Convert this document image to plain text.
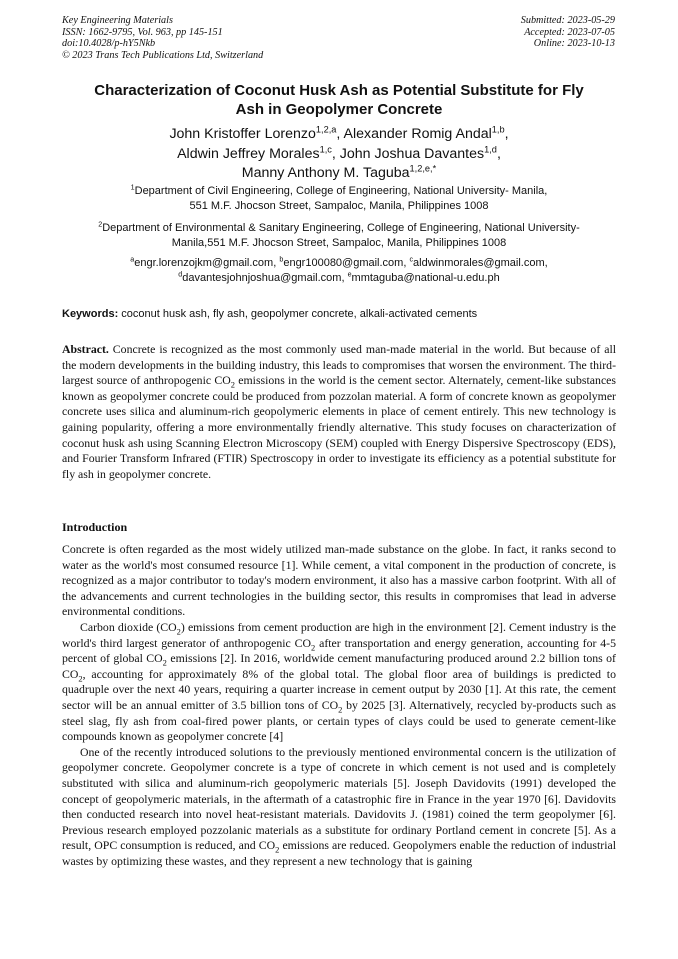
Key Engineering Materials
ISSN: 1662-9795, Vol. 963, pp 145-151
doi:10.4028/p-hY5Nkb
© 2023 Trans Tech Publications Ltd, Switzerland
Submitted: 2023-05-29
Accepted: 2023-07-05
Online: 2023-10-13
Characterization of Coconut Husk Ash as Potential Substitute for Fly
Ash in Geopolymer Concrete
John Kristoffer Lorenzo$^{1,2,a}$, Alexander Romig Andal$^{1,b}$,
Aldwin Jeffrey Morales$^{1,c}$, John Joshua Davantes$^{1,d}$,
Manny Anthony M. Taguba$^{1,2,e,*}$
$^1$Department of Civil Engineering, College of Engineering, National University- Manila,
551 M.F. Jhocson Street, Sampaloc, Manila, Philippines 1008
$^2$Department of Environmental & Sanitary Engineering, College of Engineering, National University-
Manila,551 M.F. Jhocson Street, Sampaloc, Manila, Philippines 1008
$^a$engr.lorenzojkm@gmail.com, $^b$engr100080@gmail.com, $^c$aldwinmorales@gmail.com,
$^d$davantesjohnjoshua@gmail.com, $^e$mmtaguba@national-u.edu.ph
Keywords: coconut husk ash, fly ash, geopolymer concrete, alkali-activated cements
Abstract. Concrete is recognized as the most commonly used man-made material in the world. But because of all the modern developments in the building industry, this leads to compromises that worsen the environment. The third-largest source of anthropogenic $CO_2$ emissions in the world is the cement sector. Alternately, cement-like substances known as geopolymer concrete could be produced from pozzolan material. A form of concrete known as geopolymer concrete uses silica and aluminum-rich geopolymeric elements in place of cement entirely. This new technology is gaining popularity, offering a more environmentally friendly alternative. This study focuses on characterization of coconut husk ash using Scanning Electron Microscopy (SEM) coupled with Energy Dispersive Spectroscopy (EDS), and Fourier Transform Infrared (FTIR) Spectroscopy in order to investigate its efficiency as a potential substitute for fly ash in geopolymer concrete.
Introduction

Concrete is often regarded as the most widely utilized man-made substance on the globe. In fact, it ranks second to water as the world's most consumed resource [1]. While cement, a vital component in the production of concrete, is recognized as a major contributor to today's modern environment, it also has a massive carbon footprint. With all of the advancements and current technologies in the building sector, this results in compromises that lead in adverse environmental conditions.

Carbon dioxide $(CO_2)$ emissions from cement production are high in the environment [2]. Cement industry is the world's third largest generator of anthropogenic $CO_2$ after transportation and energy generation, accounting for 4-5 percent of global $CO_2$ emissions [2]. In 2016, worldwide cement manufacturing produced around 2.2 billion tons of $CO_2$, accounting for approximately 8% of the global total. The global floor area of buildings is predicted to quadruple over the next 40 years, requiring a quarter increase in cement output by 2030 [1]. At this rate, the cement sector will be an annual emitter of 3.5 billion tons of $CO_2$ by 2025 [3]. Alternatively, recycled by-products such as steel slag, fly ash from coal-fired power plants, or certain types of clays could be used to generate cement-like compounds known as geopolymer concrete [4]

One of the recently introduced solutions to the previously mentioned environmental concern is the utilization of geopolymer concrete. Geopolymer concrete is a type of concrete in which cement is not used and is completely substituted with silica and aluminum-rich geopolymeric materials [5]. Joseph Davidovits (1991) developed the concept of geopolymeric materials, in the aftermath of a catastrophic fire in France in the year 1970 [6]. Davidovits then conducted research into novel heat-resistant materials. Davidovits J. (1981) coined the term geopolymer [6]. Previous research employed pozzolanic materials as a substitute for ordinary Portland cement in concrete [5]. As a result, OPC consumption is reduced, and $CO_2$ emissions are reduced. Geopolymers enable the reduction of industrial wastes by optimizing these wastes, and they represent a new technology that is gaining
